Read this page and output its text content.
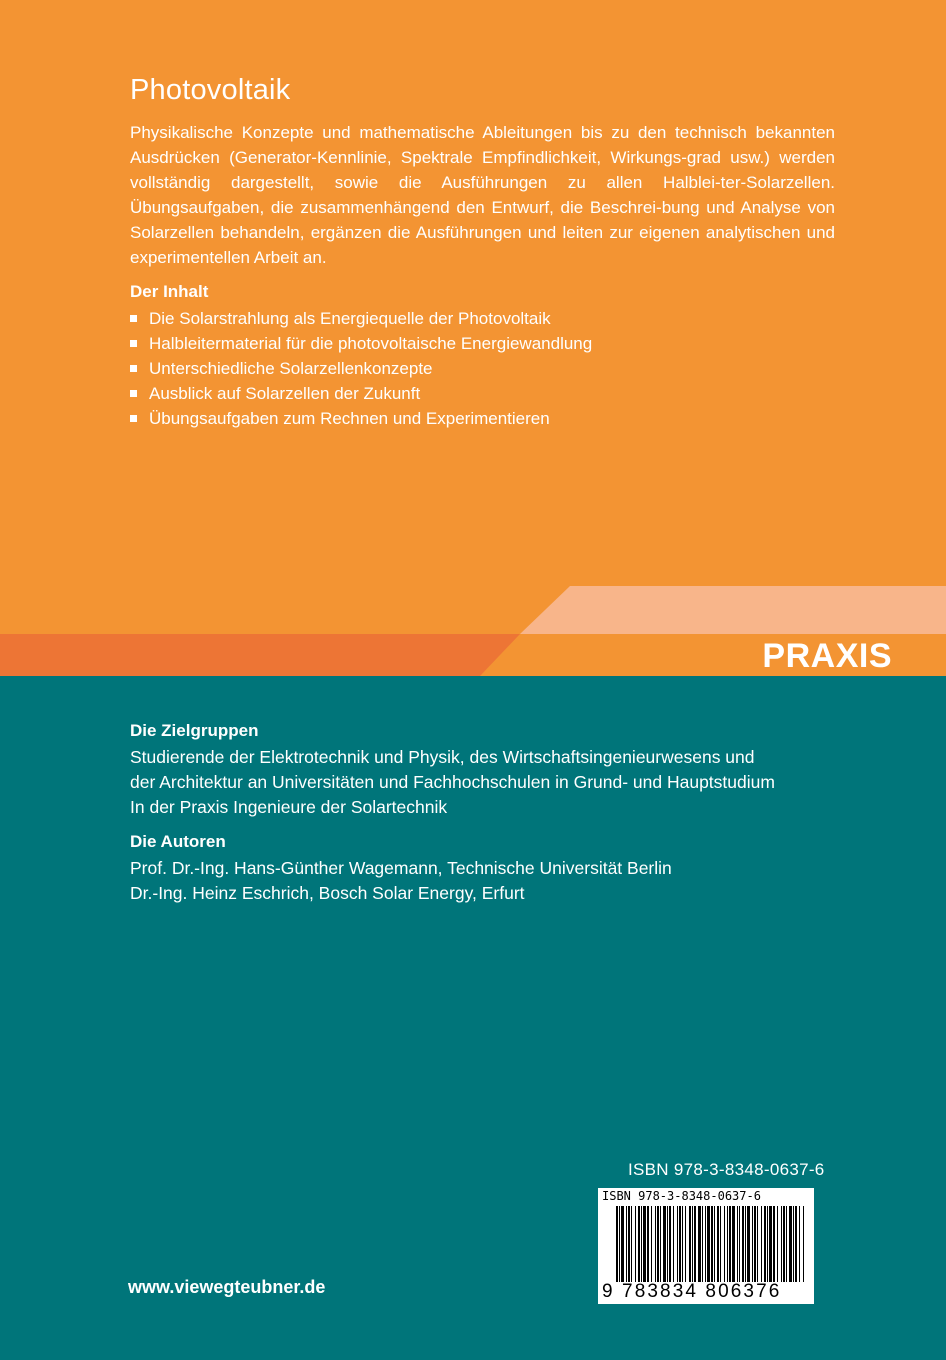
Photovoltaik

Physikalische Konzepte und mathematische Ableitungen bis zu den technisch bekannten Ausdrücken (Generator-Kennlinie, Spektrale Empfindlichkeit, Wirkungs-grad usw.) werden vollständig dargestellt, sowie die Ausführungen zu allen Halblei-ter-Solarzellen. Übungsaufgaben, die zusammenhängend den Entwurf, die Beschrei-bung und Analyse von Solarzellen behandeln, ergänzen die Ausführungen und leiten zur eigenen analytischen und experimentellen Arbeit an.

Der Inhalt
Die Solarstrahlung als Energiequelle der Photovoltaik
Halbleitermaterial für die photovoltaische Energiewandlung
Unterschiedliche Solarzellenkonzepte
Ausblick auf Solarzellen der Zukunft
Übungsaufgaben zum Rechnen und Experimentieren
PRAXIS
Die Zielgruppen

Studierende der Elektrotechnik und Physik, des Wirtschaftsingenieurwesens und
der Architektur an Universitäten und Fachhochschulen in Grund- und Hauptstudium
In der Praxis Ingenieure der Solartechnik

Die Autoren

Prof. Dr.-Ing. Hans-Günther Wagemann, Technische Universität Berlin
Dr.-Ing. Heinz Eschrich, Bosch Solar Energy, Erfurt

ISBN 978-3-8348-0637-6
ISBN 978-3-8348-0637-6
9 783834 806376
www.viewegteubner.de
